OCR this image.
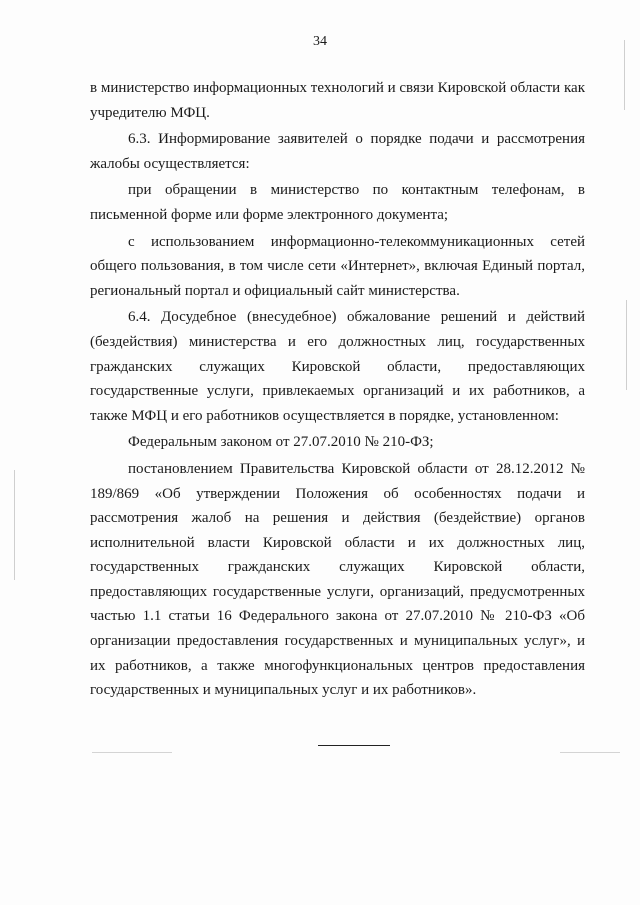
34

в министерство информационных технологий и связи Кировской области как учредителю МФЦ.

6.3. Информирование заявителей о порядке подачи и рассмотрения жалобы осуществляется:

при обращении в министерство по контактным телефонам, в письменной форме или форме электронного документа;

с использованием информационно-телекоммуникационных сетей общего пользования, в том числе сети «Интернет», включая Единый портал, региональный портал и официальный сайт министерства.

6.4. Досудебное (внесудебное) обжалование решений и действий (бездействия) министерства и его должностных лиц, государственных гражданских служащих Кировской области, предоставляющих государственные услуги, привлекаемых организаций и их работников, а также МФЦ и его работников осуществляется в порядке, установленном:

Федеральным законом от 27.07.2010 № 210-ФЗ;

постановлением Правительства Кировской области от 28.12.2012 № 189/869 «Об утверждении Положения об особенностях подачи и рассмотрения жалоб на решения и действия (бездействие) органов исполнительной власти Кировской области и их должностных лиц, государственных гражданских служащих Кировской области, предоставляющих государственные услуги, организаций, предусмотренных частью 1.1 статьи 16 Федерального закона от 27.07.2010 № 210-ФЗ «Об организации предоставления государственных и муниципальных услуг», и их работников, а также многофункциональных центров предоставления государственных и муниципальных услуг и их работников».
